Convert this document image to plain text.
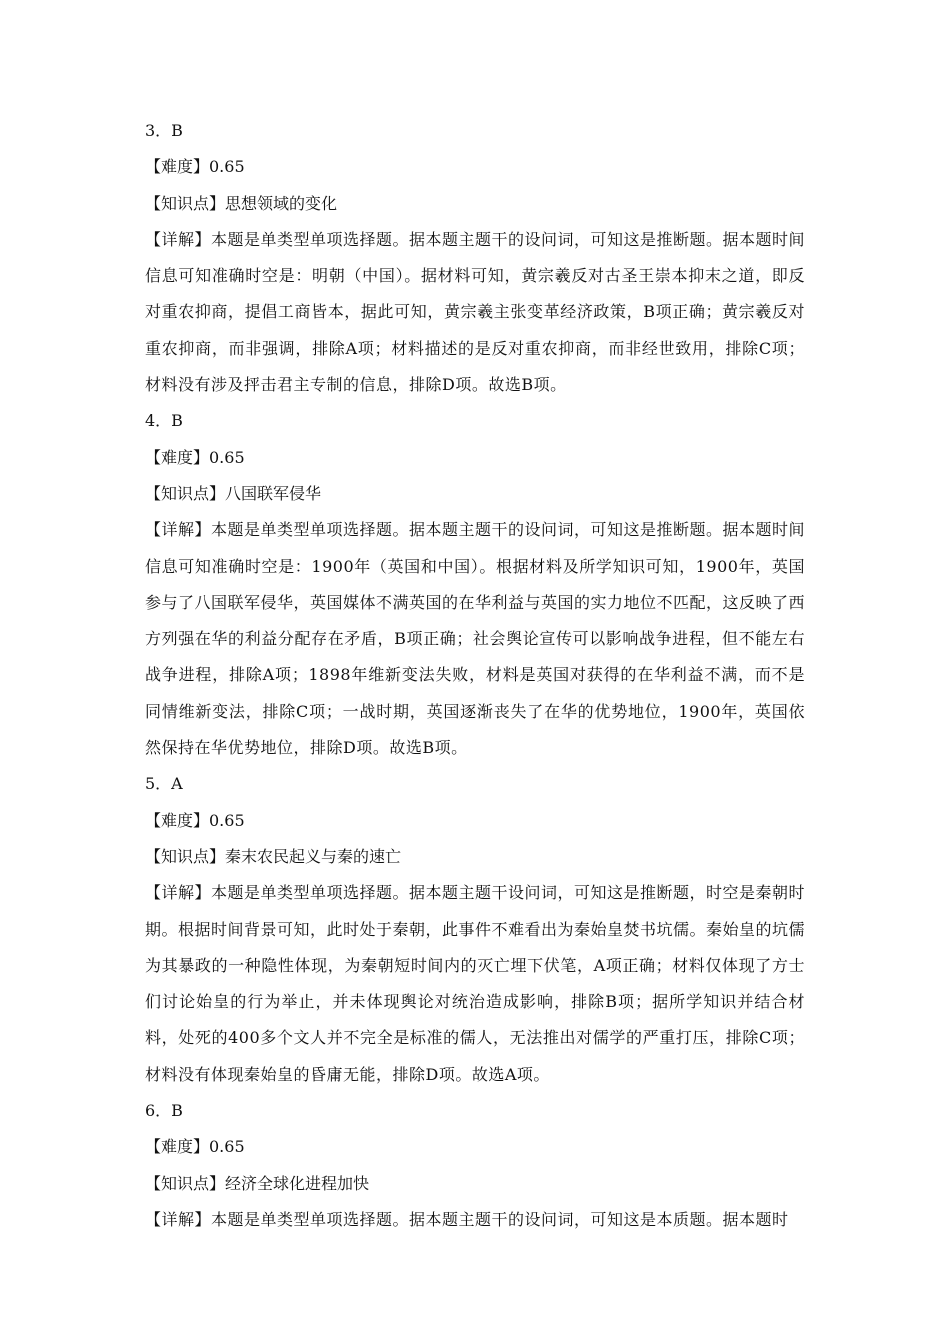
3．B
【难度】0.65
【知识点】思想领域的变化
【详解】本题是单类型单项选择题。据本题主题干的设问词，可知这是推断题。据本题时间信息可知准确时空是：明朝（中国）。据材料可知，黄宗羲反对古圣王崇本抑末之道，即反对重农抑商，提倡工商皆本，据此可知，黄宗羲主张变革经济政策，B项正确；黄宗羲反对重农抑商，而非强调，排除A项；材料描述的是反对重农抑商，而非经世致用，排除C项；材料没有涉及抨击君主专制的信息，排除D项。故选B项。
4．B
【难度】0.65
【知识点】八国联军侵华
【详解】本题是单类型单项选择题。据本题主题干的设问词，可知这是推断题。据本题时间信息可知准确时空是：1900年（英国和中国）。根据材料及所学知识可知，1900年，英国参与了八国联军侵华，英国媒体不满英国的在华利益与英国的实力地位不匹配，这反映了西方列强在华的利益分配存在矛盾，B项正确；社会舆论宣传可以影响战争进程，但不能左右战争进程，排除A项；1898年维新变法失败，材料是英国对获得的在华利益不满，而不是同情维新变法，排除C项；一战时期，英国逐渐丧失了在华的优势地位，1900年，英国依然保持在华优势地位，排除D项。故选B项。
5．A
【难度】0.65
【知识点】秦末农民起义与秦的速亡
【详解】本题是单类型单项选择题。据本题主题干设问词，可知这是推断题，时空是秦朝时期。根据时间背景可知，此时处于秦朝，此事件不难看出为秦始皇焚书坑儒。秦始皇的坑儒为其暴政的一种隐性体现，为秦朝短时间内的灭亡埋下伏笔，A项正确；材料仅体现了方士们讨论始皇的行为举止，并未体现舆论对统治造成影响，排除B项；据所学知识并结合材料，处死的400多个文人并不完全是标准的儒人，无法推出对儒学的严重打压，排除C项；材料没有体现秦始皇的昏庸无能，排除D项。故选A项。
6．B
【难度】0.65
【知识点】经济全球化进程加快
【详解】本题是单类型单项选择题。据本题主题干的设问词，可知这是本质题。据本题时
